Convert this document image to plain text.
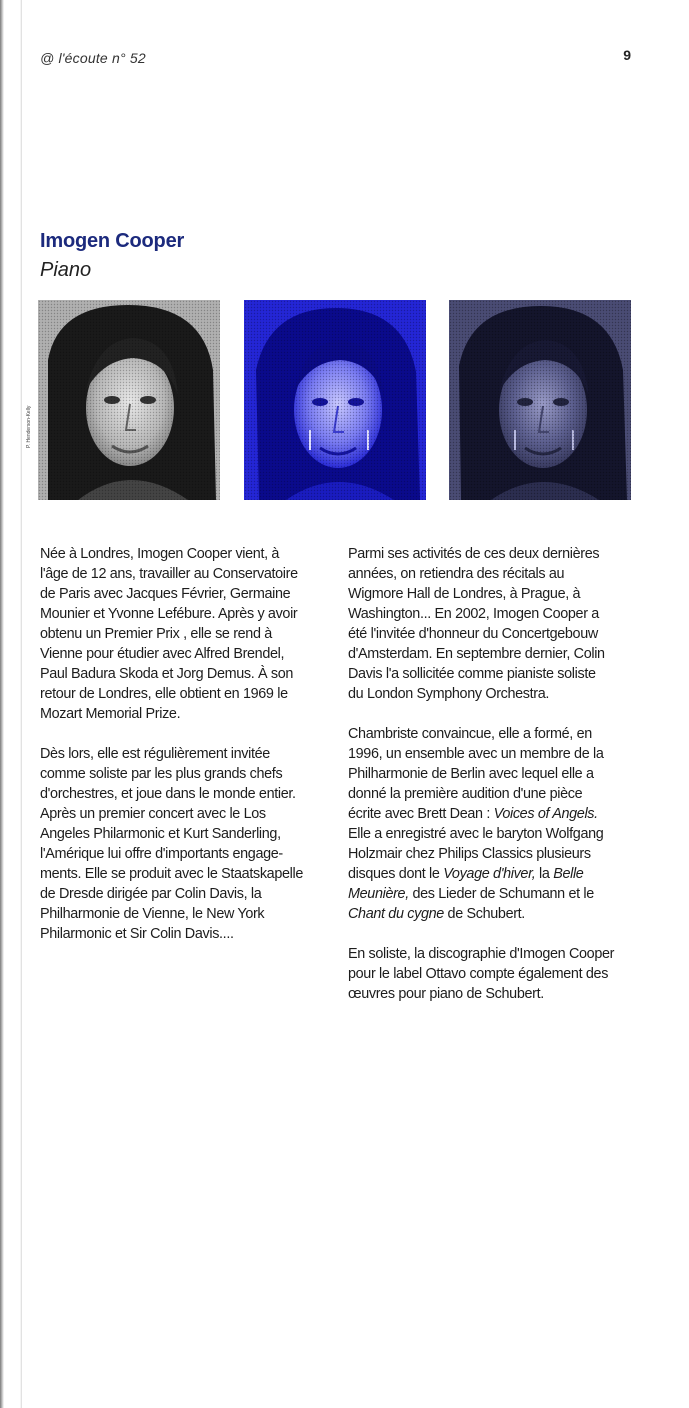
@ l'écoute n° 52	9
Imogen Cooper
Piano
P. Henderson-Kelly

Née à Londres, Imogen Cooper vient, à
l'âge de 12 ans, travailler au Conservatoire
de Paris avec Jacques Février, Germaine
Mounier et Yvonne Lefébure. Après y avoir
obtenu un Premier Prix , elle se rend à
Vienne pour étudier avec Alfred Brendel,
Paul Badura Skoda et Jorg Demus. À son
retour de Londres, elle obtient en 1969 le
Mozart Memorial Prize.

Dès lors, elle est régulièrement invitée
comme soliste par les plus grands chefs
d'orchestres, et joue dans le monde entier.
Après un premier concert avec le Los
Angeles Philarmonic et Kurt Sanderling,
l'Amérique lui offre d'importants engage-
ments. Elle se produit avec le Staatskapelle
de Dresde dirigée par Colin Davis, la
Philharmonie de Vienne, le New York
Philarmonic et Sir Colin Davis....

Parmi ses activités de ces deux dernières
années, on retiendra des récitals au
Wigmore Hall de Londres, à Prague, à
Washington... En 2002, Imogen Cooper a
été l'invitée d'honneur du Concertgebouw
d'Amsterdam. En septembre dernier, Colin
Davis l'a sollicitée comme pianiste soliste
du London Symphony Orchestra.

Chambriste convaincue, elle a formé, en
1996, un ensemble avec un membre de la
Philharmonie de Berlin avec lequel elle a
donné la première audition d'une pièce
écrite avec Brett Dean : Voices of Angels.
Elle a enregistré avec le baryton Wolfgang
Holzmair chez Philips Classics plusieurs
disques dont le Voyage d'hiver, la Belle
Meunière, des Lieder de Schumann et le
Chant du cygne de Schubert.

En soliste, la discographie d'Imogen Cooper
pour le label Ottavo compte également des
œuvres pour piano de Schubert.
